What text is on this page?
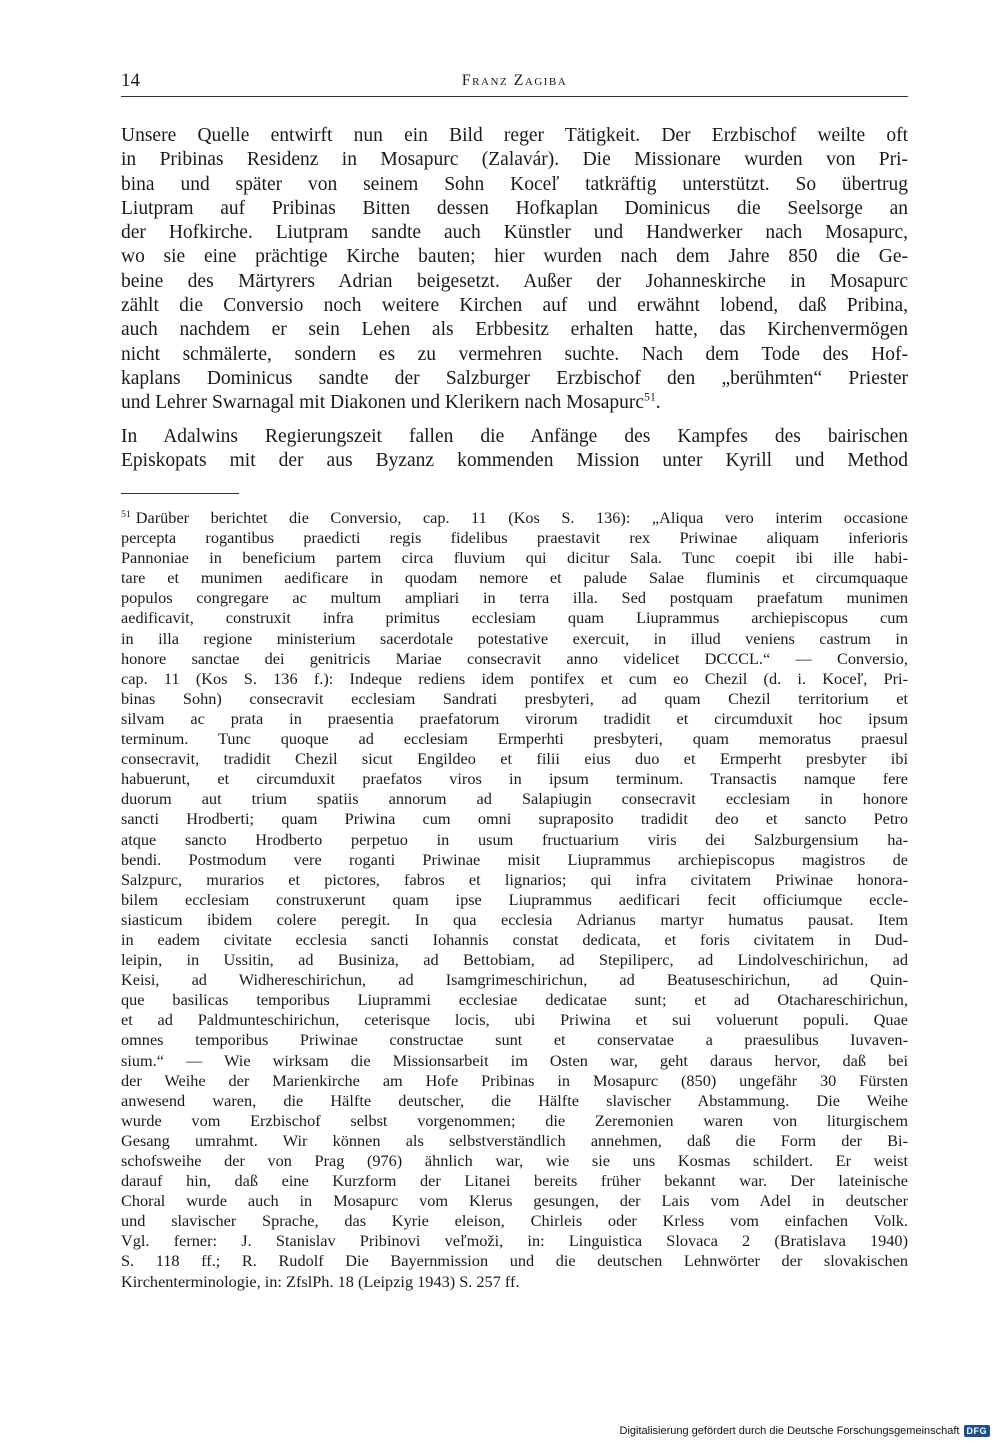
14	Franz Zagiba

Unsere Quelle entwirft nun ein Bild reger Tätigkeit. Der Erzbischof weilte oft
in Pribinas Residenz in Mosapurc (Zalavár). Die Missionare wurden von Pri-
bina und später von seinem Sohn Koceľ tatkräftig unterstützt. So übertrug
Liutpram auf Pribinas Bitten dessen Hofkaplan Dominicus die Seelsorge an
der Hofkirche. Liutpram sandte auch Künstler und Handwerker nach Mosapurc,
wo sie eine prächtige Kirche bauten; hier wurden nach dem Jahre 850 die Ge-
beine des Märtyrers Adrian beigesetzt. Außer der Johanneskirche in Mosapurc
zählt die Conversio noch weitere Kirchen auf und erwähnt lobend, daß Pribina,
auch nachdem er sein Lehen als Erbbesitz erhalten hatte, das Kirchenvermögen
nicht schmälerte, sondern es zu vermehren suchte. Nach dem Tode des Hof-
kaplans Dominicus sandte der Salzburger Erzbischof den „berühmten“ Priester
und Lehrer Swarnagal mit Diakonen und Klerikern nach Mosapurc$^{51}$.

In Adalwins Regierungszeit fallen die Anfänge des Kampfes des bairischen
Episkopats mit der aus Byzanz kommenden Mission unter Kyrill und Method

$^{51}$ Darüber berichtet die Conversio, cap. 11 (Kos S. 136): „Aliqua vero interim occasione
percepta rogantibus praedicti regis fidelibus praestavit rex Priwinae aliquam inferioris
Pannoniae in beneficium partem circa fluvium qui dicitur Sala. Tunc coepit ibi ille habi-
tare et munimen aedificare in quodam nemore et palude Salae fluminis et circumquaque
populos congregare ac multum ampliari in terra illa. Sed postquam praefatum munimen
aedificavit, construxit infra primitus ecclesiam quam Liuprammus archiepiscopus cum
in illa regione ministerium sacerdotale potestative exercuit, in illud veniens castrum in
honore sanctae dei genitricis Mariae consecravit anno videlicet DCCCL.“ — Conversio,
cap. 11 (Kos S. 136 f.): Indeque rediens idem pontifex et cum eo Chezil (d. i. Koceľ, Pri-
binas Sohn) consecravit ecclesiam Sandrati presbyteri, ad quam Chezil territorium et
silvam ac prata in praesentia praefatorum virorum tradidit et circumduxit hoc ipsum
terminum. Tunc quoque ad ecclesiam Ermperhti presbyteri, quam memoratus praesul
consecravit, tradidit Chezil sicut Engildeo et filii eius duo et Ermperht presbyter ibi
habuerunt, et circumduxit praefatos viros in ipsum terminum. Transactis namque fere
duorum aut trium spatiis annorum ad Salapiugin consecravit ecclesiam in honore
sancti Hrodberti; quam Priwina cum omni supraposito tradidit deo et sancto Petro
atque sancto Hrodberto perpetuo in usum fructuarium viris dei Salzburgensium ha-
bendi. Postmodum vere roganti Priwinae misit Liuprammus archiepiscopus magistros de
Salzpurc, murarios et pictores, fabros et lignarios; qui infra civitatem Priwinae honora-
bilem ecclesiam construxerunt quam ipse Liuprammus aedificari fecit officiumque eccle-
siasticum ibidem colere peregit. In qua ecclesia Adrianus martyr humatus pausat. Item
in eadem civitate ecclesia sancti Iohannis constat dedicata, et foris civitatem in Dud-
leipin, in Ussitin, ad Businiza, ad Bettobiam, ad Stepiliperc, ad Lindolveschirichun, ad
Keisi, ad Widhereschirichun, ad Isamgrimeschirichun, ad Beatuseschirichun, ad Quin-
que basilicas temporibus Liuprammi ecclesiae dedicatae sunt; et ad Otachareschirichun,
et ad Paldmunteschirichun, ceterisque locis, ubi Priwina et sui voluerunt populi. Quae
omnes temporibus Priwinae constructae sunt et conservatae a praesulibus Iuvaven-
sium.“ — Wie wirksam die Missionsarbeit im Osten war, geht daraus hervor, daß bei
der Weihe der Marienkirche am Hofe Pribinas in Mosapurc (850) ungefähr 30 Fürsten
anwesend waren, die Hälfte deutscher, die Hälfte slavischer Abstammung. Die Weihe
wurde vom Erzbischof selbst vorgenommen; die Zeremonien waren von liturgischem
Gesang umrahmt. Wir können als selbstverständlich annehmen, daß die Form der Bi-
schofsweihe der von Prag (976) ähnlich war, wie sie uns Kosmas schildert. Er weist
darauf hin, daß eine Kurzform der Litanei bereits früher bekannt war. Der lateinische
Choral wurde auch in Mosapurc vom Klerus gesungen, der Lais vom Adel in deutscher
und slavischer Sprache, das Kyrie eleison, Chirleis oder Krless vom einfachen Volk.
Vgl. ferner: J. Stanislav Pribinovi veľmoži, in: Linguistica Slovaca 2 (Bratislava 1940)
S. 118 ff.; R. Rudolf Die Bayernmission und die deutschen Lehnwörter der slovakischen
Kirchenterminologie, in: ZfslPh. 18 (Leipzig 1943) S. 257 ff.
Digitalisierung gefördert durch die Deutsche Forschungsgemeinschaft DFG
